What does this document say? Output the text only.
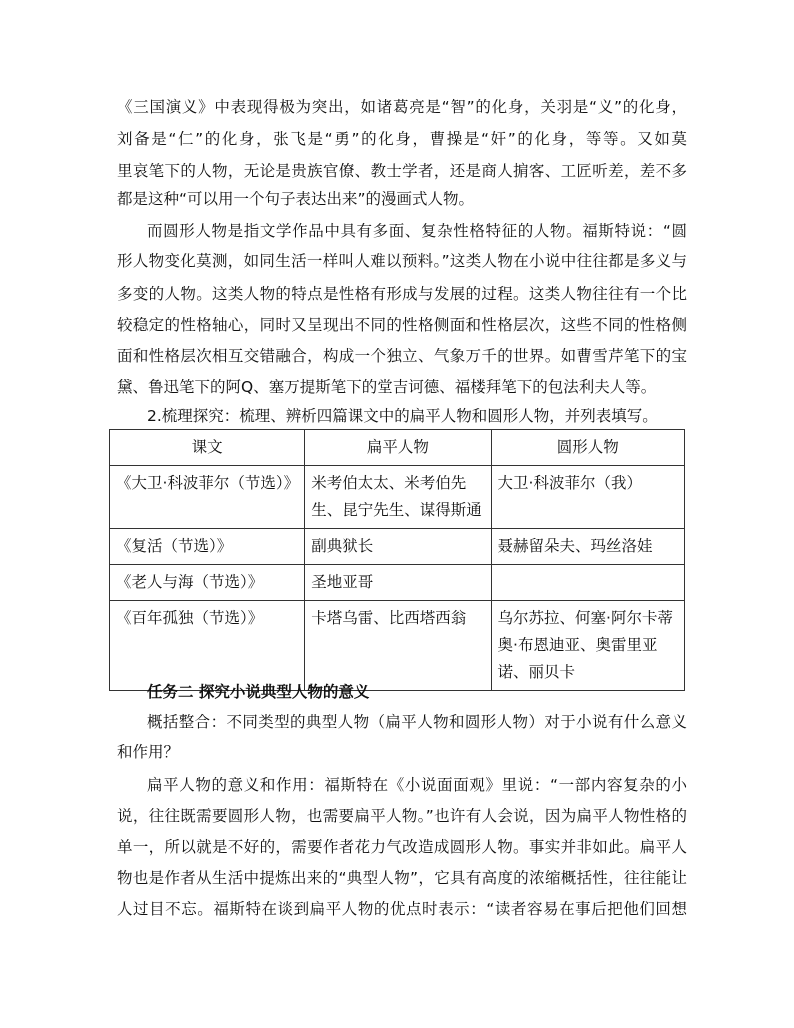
《三国演义》中表现得极为突出，如诸葛亮是“智”的化身，关羽是“义”的化身，
刘备是“仁”的化身，张飞是“勇”的化身，曹操是“奸”的化身，等等。又如莫
里哀笔下的人物，无论是贵族官僚、教士学者，还是商人掮客、工匠听差，差不多
都是这种“可以用一个句子表达出来”的漫画式人物。
而圆形人物是指文学作品中具有多面、复杂性格特征的人物。福斯特说：“圆
形人物变化莫测，如同生活一样叫人难以预料。”这类人物在小说中往往都是多义与
多变的人物。这类人物的特点是性格有形成与发展的过程。这类人物往往有一个比
较稳定的性格轴心，同时又呈现出不同的性格侧面和性格层次，这些不同的性格侧
面和性格层次相互交错融合，构成一个独立、气象万千的世界。如曹雪芹笔下的宝
黛、鲁迅笔下的阿Q、塞万提斯笔下的堂吉诃德、福楼拜笔下的包法利夫人等。
2.梳理探究：梳理、辨析四篇课文中的扁平人物和圆形人物，并列表填写。
课文	扁平人物	圆形人物
《大卫·科波菲尔（节选）》	米考伯太太、米考伯先生、昆宁先生、谋得斯通	大卫·科波菲尔（我）
《复活（节选）》	副典狱长	聂赫留朵夫、玛丝洛娃
《老人与海（节选）》	圣地亚哥	
《百年孤独（节选）》	卡塔乌雷、比西塔西翁	乌尔苏拉、何塞·阿尔卡蒂奥·布恩迪亚、奥雷里亚诺、丽贝卡
任务二 探究小说典型人物的意义
概括整合：不同类型的典型人物（扁平人物和圆形人物）对于小说有什么意义
和作用？
扁平人物的意义和作用：福斯特在《小说面面观》里说：“一部内容复杂的小
说，往往既需要圆形人物，也需要扁平人物。”也许有人会说，因为扁平人物性格的
单一，所以就是不好的，需要作者花力气改造成圆形人物。事实并非如此。扁平人
物也是作者从生活中提炼出来的“典型人物”，它具有高度的浓缩概括性，往往能让
人过目不忘。福斯特在谈到扁平人物的优点时表示：“读者容易在事后把他们回想
